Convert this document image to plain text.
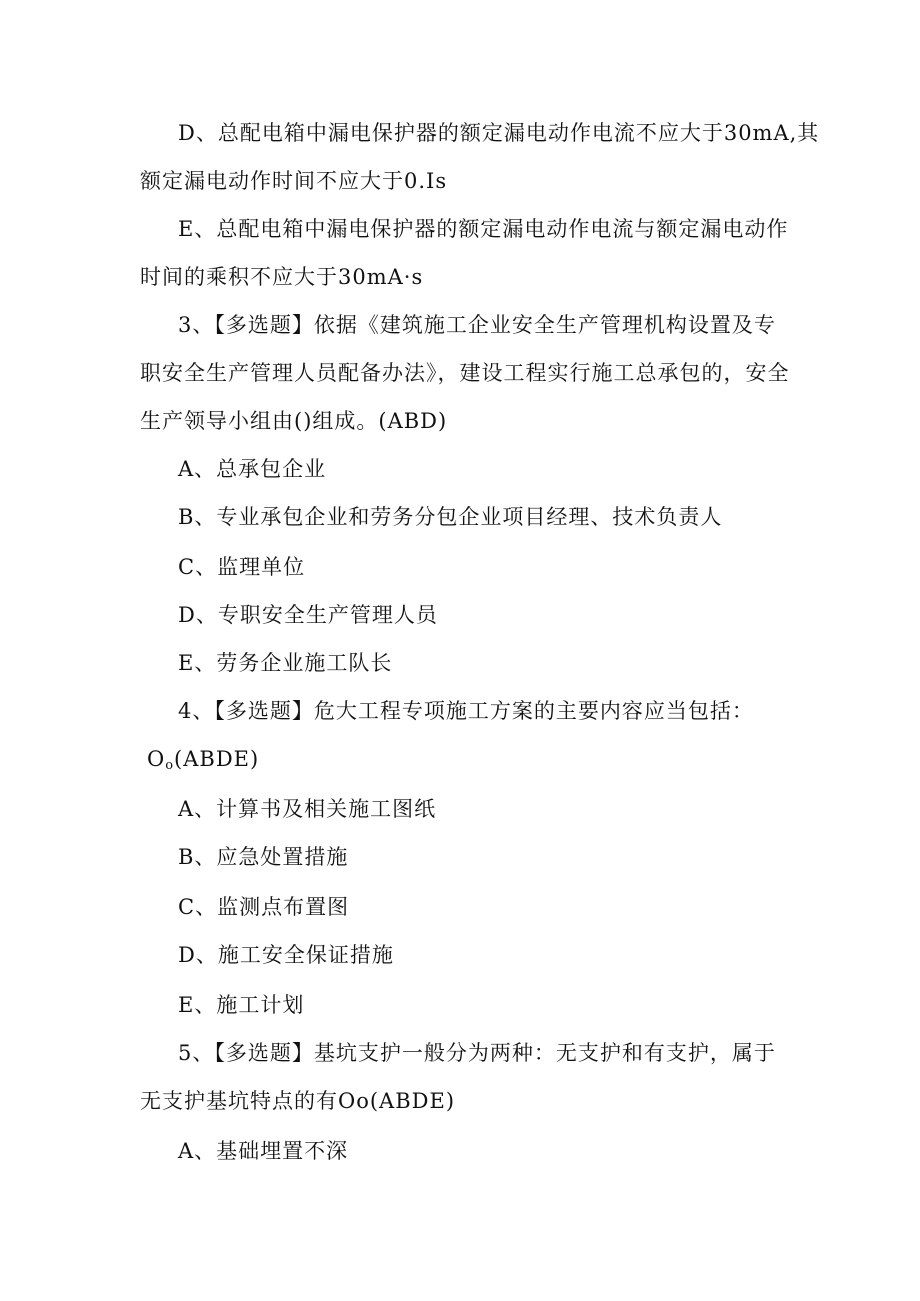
D、总配电箱中漏电保护器的额定漏电动作电流不应大于30mA,其
额定漏电动作时间不应大于0.Is
E、总配电箱中漏电保护器的额定漏电动作电流与额定漏电动作
时间的乘积不应大于30mA·s
3、【多选题】依据《建筑施工企业安全生产管理机构设置及专
职安全生产管理人员配备办法》，建设工程实行施工总承包的，安全
生产领导小组由()组成。(ABD)
A、总承包企业
B、专业承包企业和劳务分包企业项目经理、技术负责人
C、监理单位
D、专职安全生产管理人员
E、劳务企业施工队长
4、【多选题】危大工程专项施工方案的主要内容应当包括：
$O_o(ABDE)$
A、计算书及相关施工图纸
B、应急处置措施
C、监测点布置图
D、施工安全保证措施
E、施工计划
5、【多选题】基坑支护一般分为两种：无支护和有支护，属于
无支护基坑特点的有Oo(ABDE)
A、基础埋置不深
